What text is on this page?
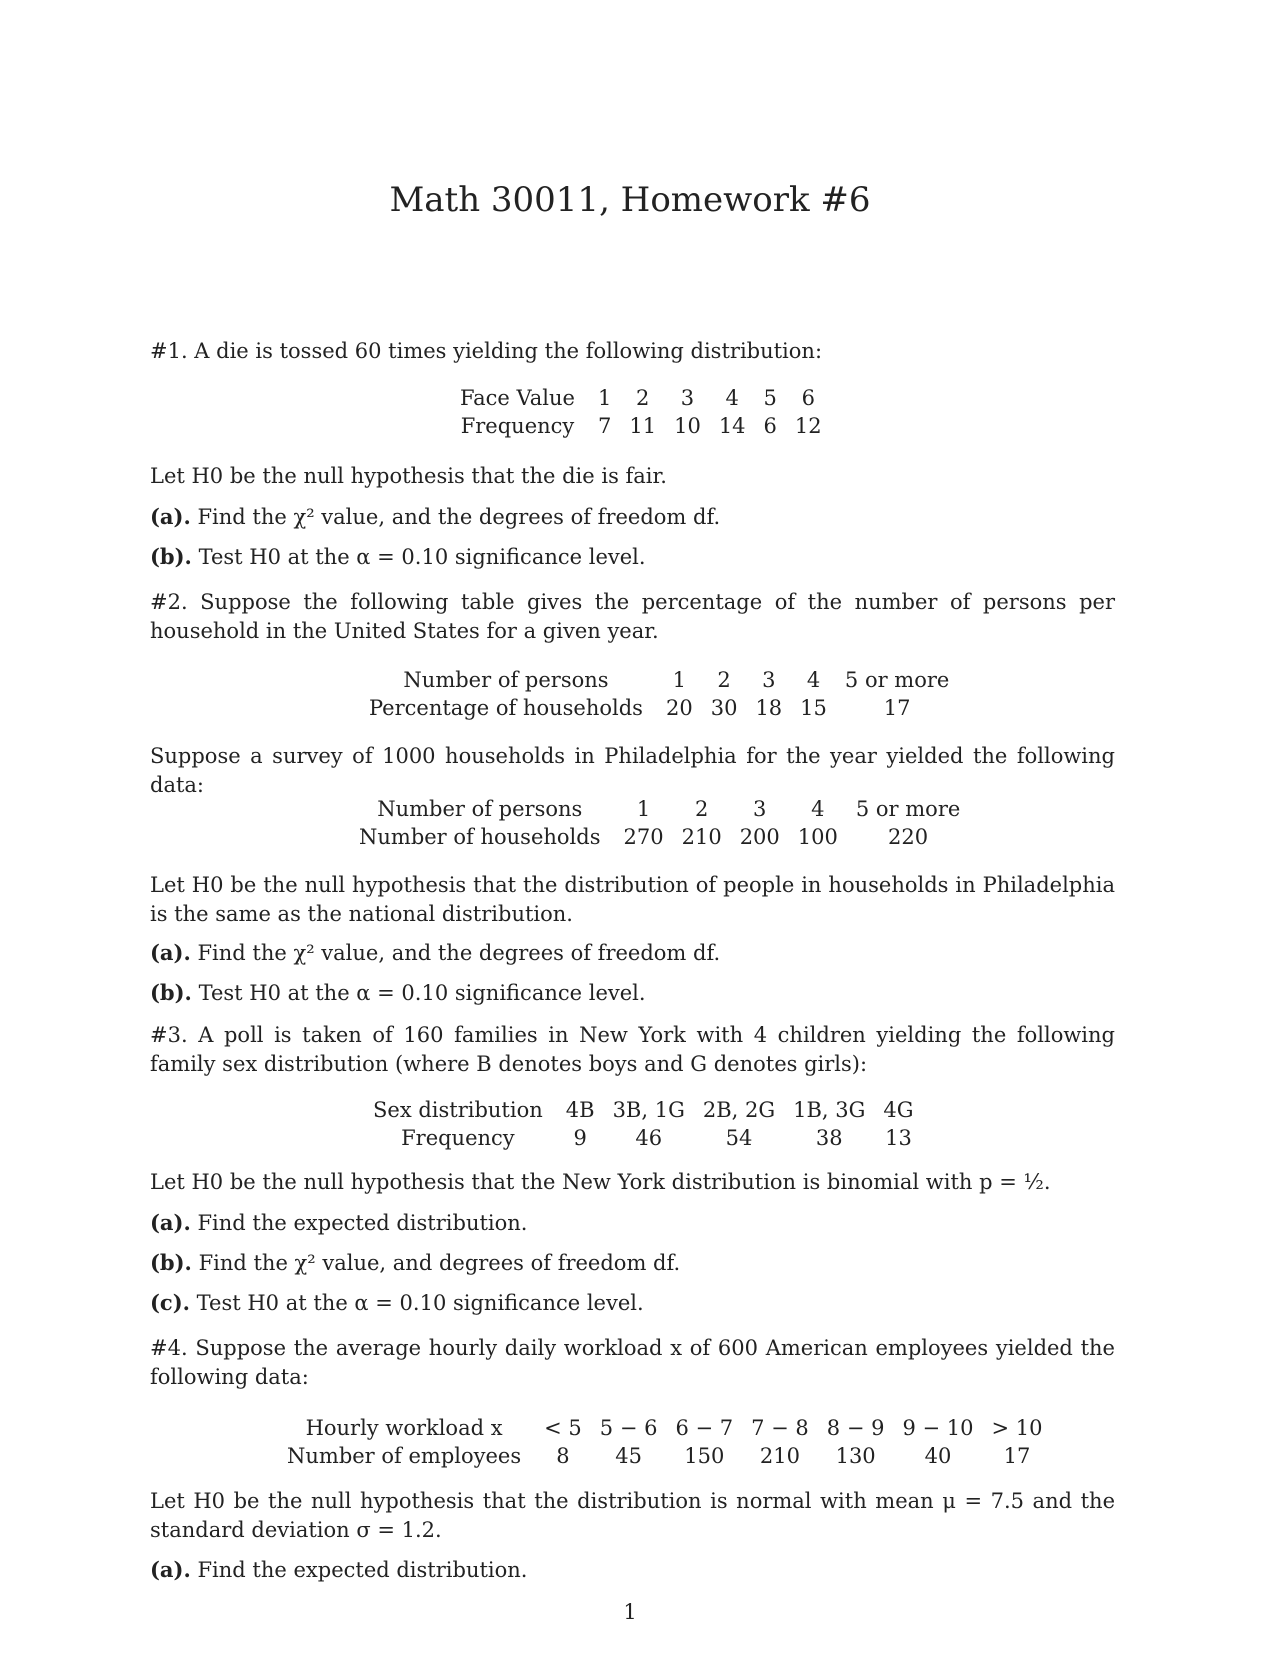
Math 30011, Homework #6

#1. A die is tossed 60 times yielding the following distribution:

Face Value	1	2	3	4	5	6
Frequency	7	11	10	14	6	12

Let H0 be the null hypothesis that the die is fair.

(a). Find the χ² value, and the degrees of freedom df.

(b). Test H0 at the α = 0.10 significance level.

#2. Suppose the following table gives the percentage of the number of persons per household in the United States for a given year.

Number of persons	1	2	3	4	5 or more
Percentage of households	20	30	18	15	17

Suppose a survey of 1000 households in Philadelphia for the year yielded the following data:

Number of persons	1	2	3	4	5 or more
Number of households	270	210	200	100	220

Let H0 be the null hypothesis that the distribution of people in households in Philadelphia is the same as the national distribution.

(a). Find the χ² value, and the degrees of freedom df.

(b). Test H0 at the α = 0.10 significance level.

#3. A poll is taken of 160 families in New York with 4 children yielding the following family sex distribution (where B denotes boys and G denotes girls):

Sex distribution	4B	3B, 1G	2B, 2G	1B, 3G	4G
Frequency	9	46	54	38	13

Let H0 be the null hypothesis that the New York distribution is binomial with p = ½.

(a). Find the expected distribution.

(b). Find the χ² value, and degrees of freedom df.

(c). Test H0 at the α = 0.10 significance level.

#4. Suppose the average hourly daily workload x of 600 American employees yielded the following data:

Hourly workload x	< 5	5 − 6	6 − 7	7 − 8	8 − 9	9 − 10	> 10
Number of employees	8	45	150	210	130	40	17

Let H0 be the null hypothesis that the distribution is normal with mean μ = 7.5 and the standard deviation σ = 1.2.

(a). Find the expected distribution.

1
